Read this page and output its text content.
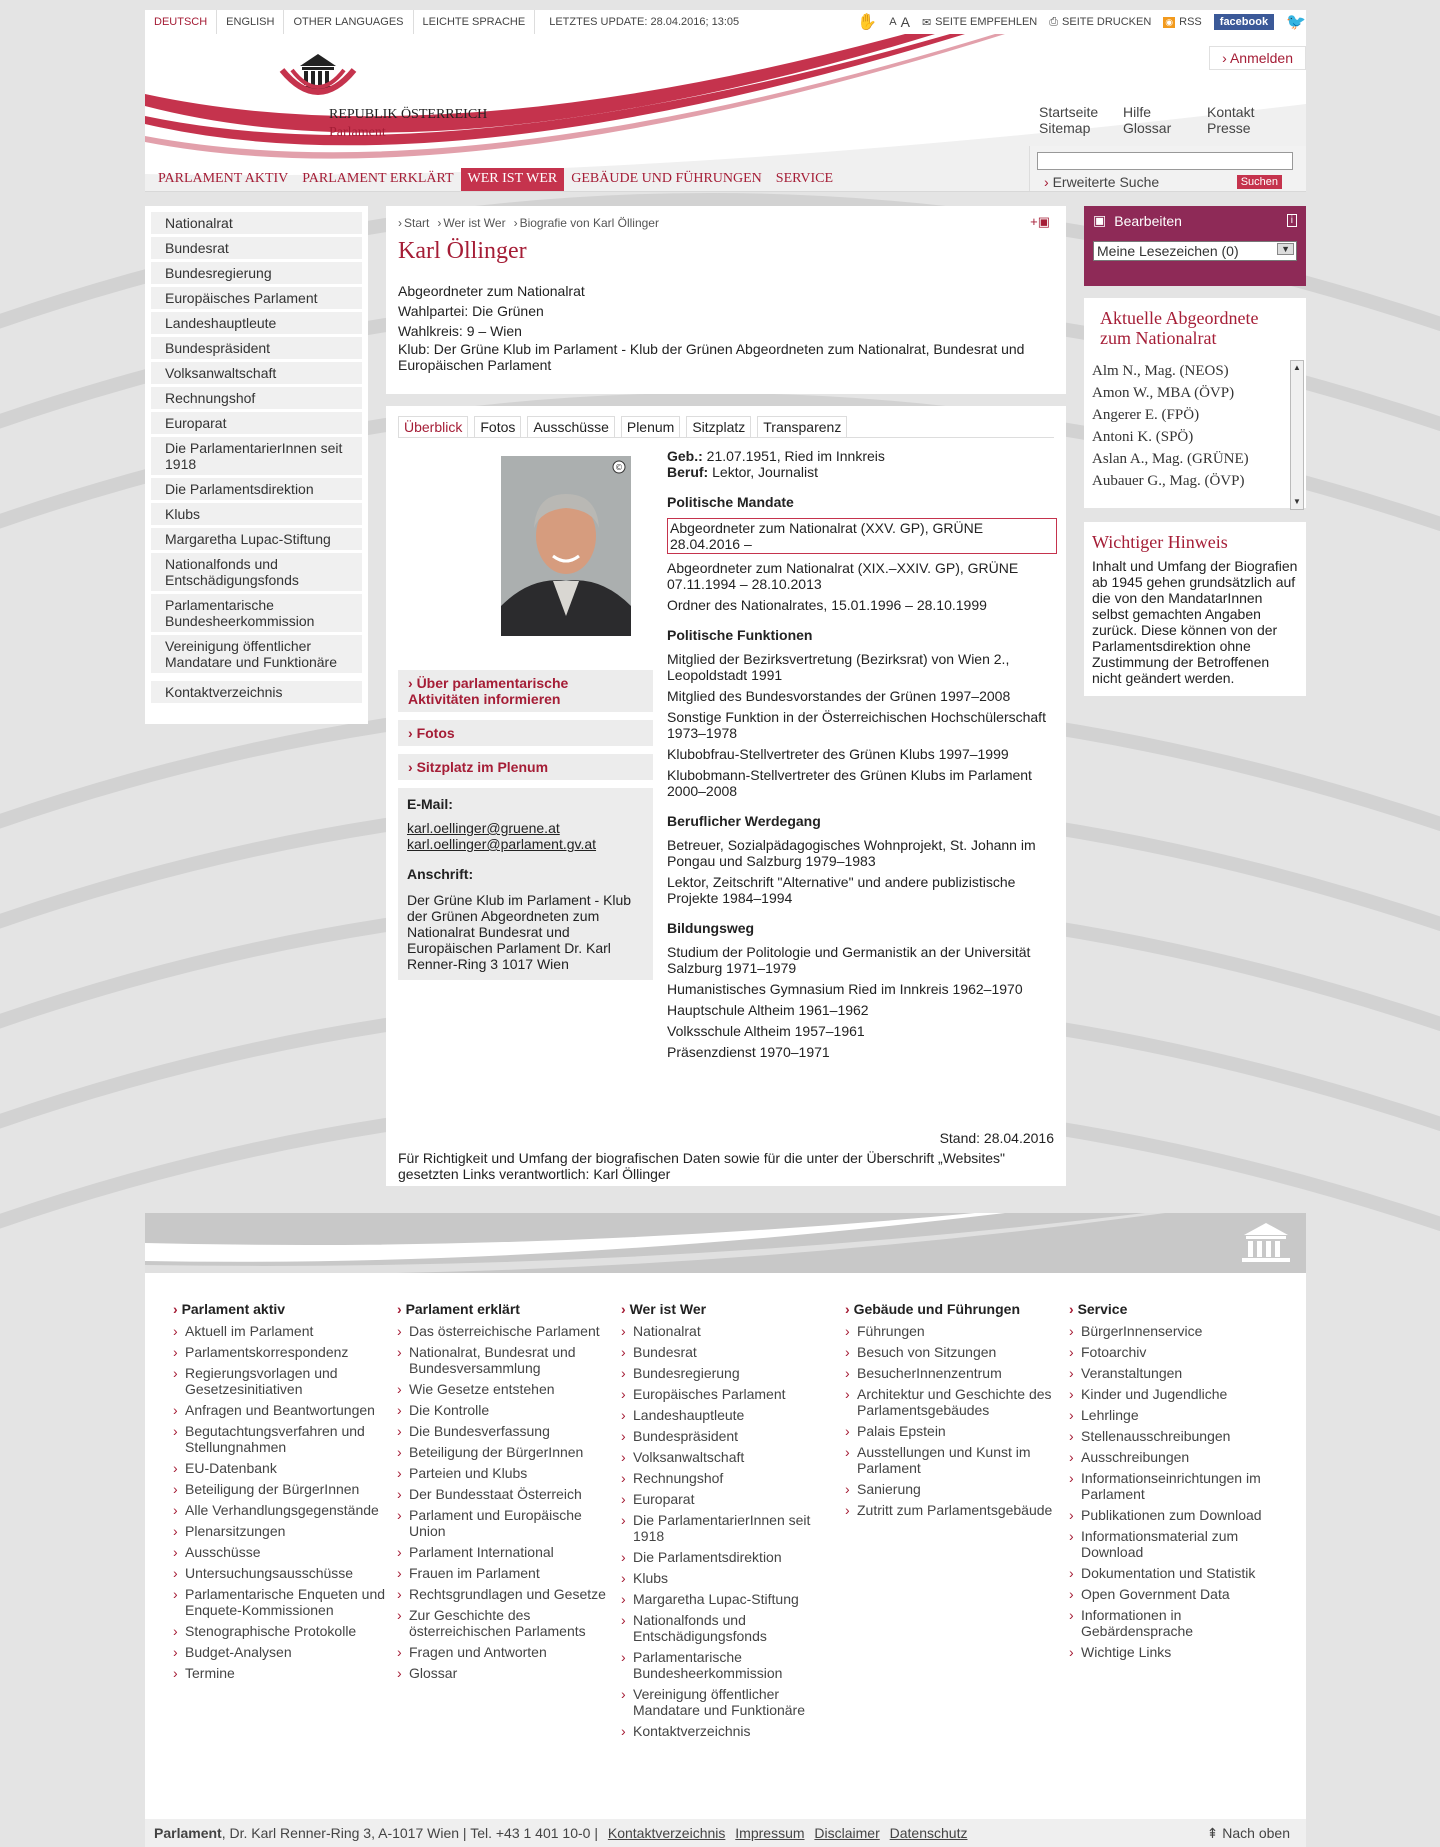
DEUTSCH	ENGLISH	OTHER LANGUAGES	LEICHTE SPRACHE	LETZTES UPDATE: 28.04.2016; 13:05	✋ A A ✉ SEITE EMPFEHLEN ⎙ SEITE DRUCKEN ◉ RSS	facebook	🐦
REPUBLIK ÖSTERREICH
Parlament
› Anmelden
Startseite	Hilfe	Kontakt
Sitemap	Glossar	Presse
› Erweiterte Suche	Suchen
PARLAMENT AKTIV	PARLAMENT ERKLÄRT	WER IST WER	GEBÄUDE UND FÜHRUNGEN	SERVICE
Nationalrat
Bundesrat
Bundesregierung
Europäisches Parlament
Landeshauptleute
Bundespräsident
Volksanwaltschaft
Rechnungshof
Europarat
Die ParlamentarierInnen seit 1918
Die Parlamentsdirektion
Klubs
Margaretha Lupac-Stiftung
Nationalfonds und Entschädigungsfonds
Parlamentarische Bundesheerkommission
Vereinigung öffentlicher Mandatare und Funktionäre
Kontaktverzeichnis
› Start	› Wer ist Wer	› Biografie von Karl Öllinger	+▣
Karl Öllinger
Abgeordneter zum Nationalrat
Wahlpartei: Die Grünen
Wahlkreis: 9 – Wien
Klub: Der Grüne Klub im Parlament - Klub der Grünen Abgeordneten zum Nationalrat, Bundesrat und Europäischen Parlament
Überblick	Fotos	Ausschüsse	Plenum	Sitzplatz	Transparenz
©
› Über parlamentarische Aktivitäten informieren
› Fotos
› Sitzplatz im Plenum
E-Mail:
karl.oellinger@gruene.at
karl.oellinger@parlament.gv.at
Anschrift:
Der Grüne Klub im Parlament - Klub der Grünen Abgeordneten zum Nationalrat Bundesrat und Europäischen Parlament Dr. Karl Renner-Ring 3 1017 Wien
Geb.: 21.07.1951, Ried im Innkreis
Beruf: Lektor, Journalist
Politische Mandate
Abgeordneter zum Nationalrat (XXV. GP), GRÜNE 28.04.2016 –

Abgeordneter zum Nationalrat (XIX.–XXIV. GP), GRÜNE 07.11.1994 – 28.10.2013

Ordner des Nationalrates, 15.01.1996 – 28.10.1999

Politische Funktionen

Mitglied der Bezirksvertretung (Bezirksrat) von Wien 2., Leopoldstadt 1991

Mitglied des Bundesvorstandes der Grünen 1997–2008

Sonstige Funktion in der Österreichischen Hochschülerschaft 1973–1978

Klubobfrau-Stellvertreter des Grünen Klubs 1997–1999

Klubobmann-Stellvertreter des Grünen Klubs im Parlament 2000–2008

Beruflicher Werdegang

Betreuer, Sozialpädagogisches Wohnprojekt, St. Johann im Pongau und Salzburg 1979–1983

Lektor, Zeitschrift "Alternative" und andere publizistische Projekte 1984–1994

Bildungsweg

Studium der Politologie und Germanistik an der Universität Salzburg 1971–1979

Humanistisches Gymnasium Ried im Innkreis 1962–1970

Hauptschule Altheim 1961–1962

Volksschule Altheim 1957–1961

Präsenzdienst 1970–1971

Stand: 28.04.2016
Für Richtigkeit und Umfang der biografischen Daten sowie für die unter der Überschrift „Websites" gesetzten Links verantwortlich: Karl Öllinger
▣ Bearbeiten	i
Meine Lesezeichen (0)	▼
Aktuelle Abgeordnete zum Nationalrat
Alm N., Mag. (NEOS)
Amon W., MBA (ÖVP)
Angerer E. (FPÖ)
Antoni K. (SPÖ)
Aslan A., Mag. (GRÜNE)
Aubauer G., Mag. (ÖVP)
▲
▼
Wichtiger Hinweis
Inhalt und Umfang der Biografien ab 1945 gehen grundsätzlich auf die von den MandatarInnen selbst gemachten Angaben zurück. Diese können von der Parlamentsdirektion ohne Zustimmung der Betroffenen nicht geändert werden.
› Parlament aktiv
› Aktuell im Parlament
› Parlamentskorrespondenz
› Regierungsvorlagen und Gesetzesinitiativen
› Anfragen und Beantwortungen
› Begutachtungsverfahren und Stellungnahmen
› EU-Datenbank
› Beteiligung der BürgerInnen
› Alle Verhandlungsgegenstände
› Plenarsitzungen
› Ausschüsse
› Untersuchungsausschüsse
› Parlamentarische Enqueten und Enquete-Kommissionen
› Stenographische Protokolle
› Budget-Analysen
› Termine
› Parlament erklärt
› Das österreichische Parlament
› Nationalrat, Bundesrat und Bundesversammlung
› Wie Gesetze entstehen
› Die Kontrolle
› Die Bundesverfassung
› Beteiligung der BürgerInnen
› Parteien und Klubs
› Der Bundesstaat Österreich
› Parlament und Europäische Union
› Parlament International
› Frauen im Parlament
› Rechtsgrundlagen und Gesetze
› Zur Geschichte des österreichischen Parlaments
› Fragen und Antworten
› Glossar
› Wer ist Wer
› Nationalrat
› Bundesrat
› Bundesregierung
› Europäisches Parlament
› Landeshauptleute
› Bundespräsident
› Volksanwaltschaft
› Rechnungshof
› Europarat
› Die ParlamentarierInnen seit 1918
› Die Parlamentsdirektion
› Klubs
› Margaretha Lupac-Stiftung
› Nationalfonds und Entschädigungsfonds
› Parlamentarische Bundesheerkommission
› Vereinigung öffentlicher Mandatare und Funktionäre
› Kontaktverzeichnis
› Gebäude und Führungen
› Führungen
› Besuch von Sitzungen
› BesucherInnenzentrum
› Architektur und Geschichte des Parlamentsgebäudes
› Palais Epstein
› Ausstellungen und Kunst im Parlament
› Sanierung
› Zutritt zum Parlamentsgebäude
› Service
› BürgerInnenservice
› Fotoarchiv
› Veranstaltungen
› Kinder und Jugendliche
› Lehrlinge
› Stellenausschreibungen
› Ausschreibungen
› Informationseinrichtungen im Parlament
› Publikationen zum Download
› Informationsmaterial zum Download
› Dokumentation und Statistik
› Open Government Data
› Informationen in Gebärdensprache
› Wichtige Links
Parlament, Dr. Karl Renner-Ring 3, A-1017 Wien | Tel. +43 1 401 10-0 | Kontaktverzeichnis Impressum Disclaimer Datenschutz	⇞ Nach oben
